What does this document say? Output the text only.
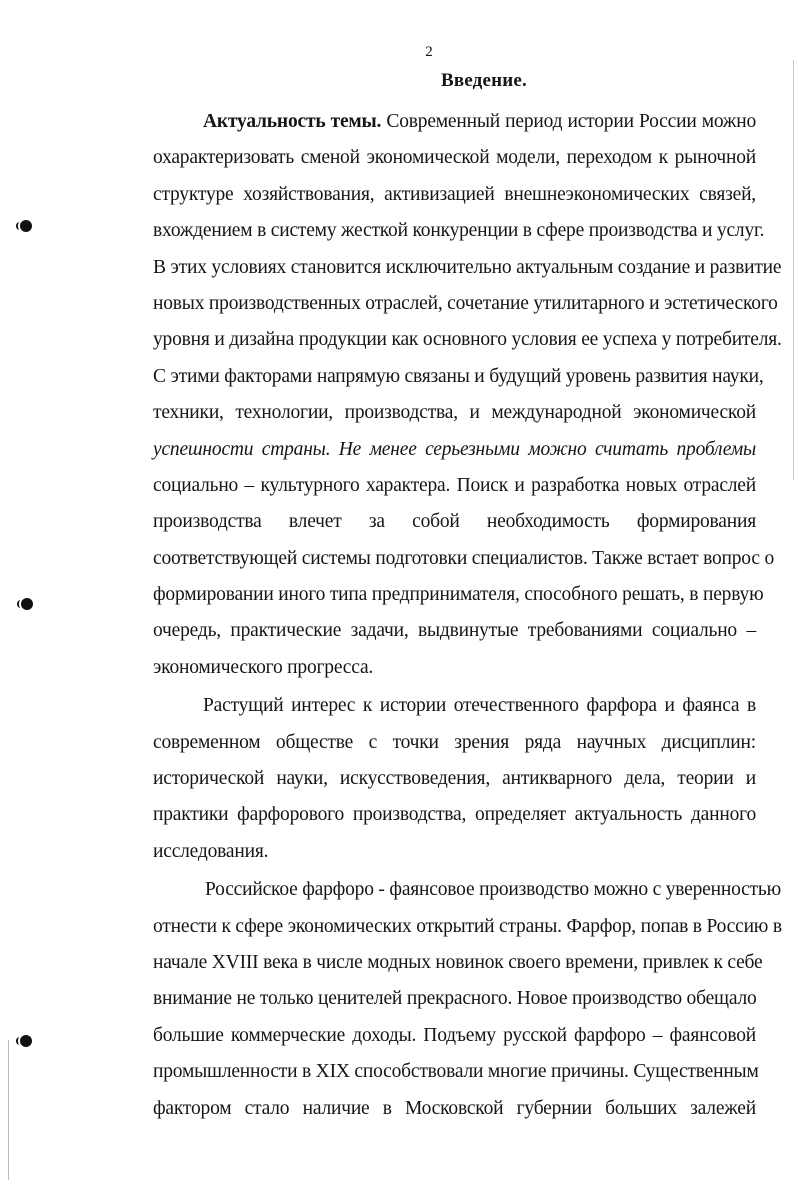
2
Введение.
Актуальность темы. Современный период истории России можно
охарактеризовать сменой экономической модели, переходом к рыночной
структуре хозяйствования, активизацией внешнеэкономических связей,
вхождением в систему жесткой конкуренции в сфере производства и услуг.
В этих условиях становится исключительно актуальным создание и развитие
новых производственных отраслей, сочетание утилитарного и эстетического
уровня и дизайна продукции как основного условия ее успеха у потребителя.
С этими факторами напрямую связаны и будущий уровень развития науки,
техники, технологии, производства, и международной экономической
успешности страны. Не менее серьезными можно считать проблемы
социально – культурного характера. Поиск и разработка новых отраслей
производства влечет за собой необходимость формирования
соответствующей системы подготовки специалистов. Также встает вопрос о
формировании иного типа предпринимателя, способного решать, в первую
очередь, практические задачи, выдвинутые требованиями социально –
экономического прогресса.
Растущий интерес к истории отечественного фарфора и фаянса в
современном обществе с точки зрения ряда научных дисциплин:
исторической науки, искусствоведения, антикварного дела, теории и
практики фарфорового производства, определяет актуальность данного
исследования.
Российское фарфоро - фаянсовое производство можно с уверенностью
отнести к сфере экономических открытий страны. Фарфор, попав в Россию в
начале XVIII века в числе модных новинок своего времени, привлек к себе
внимание не только ценителей прекрасного. Новое производство обещало
большие коммерческие доходы. Подъему русской фарфоро – фаянсовой
промышленности в XIX способствовали многие причины. Существенным
фактором стало наличие в Московской губернии больших залежей
